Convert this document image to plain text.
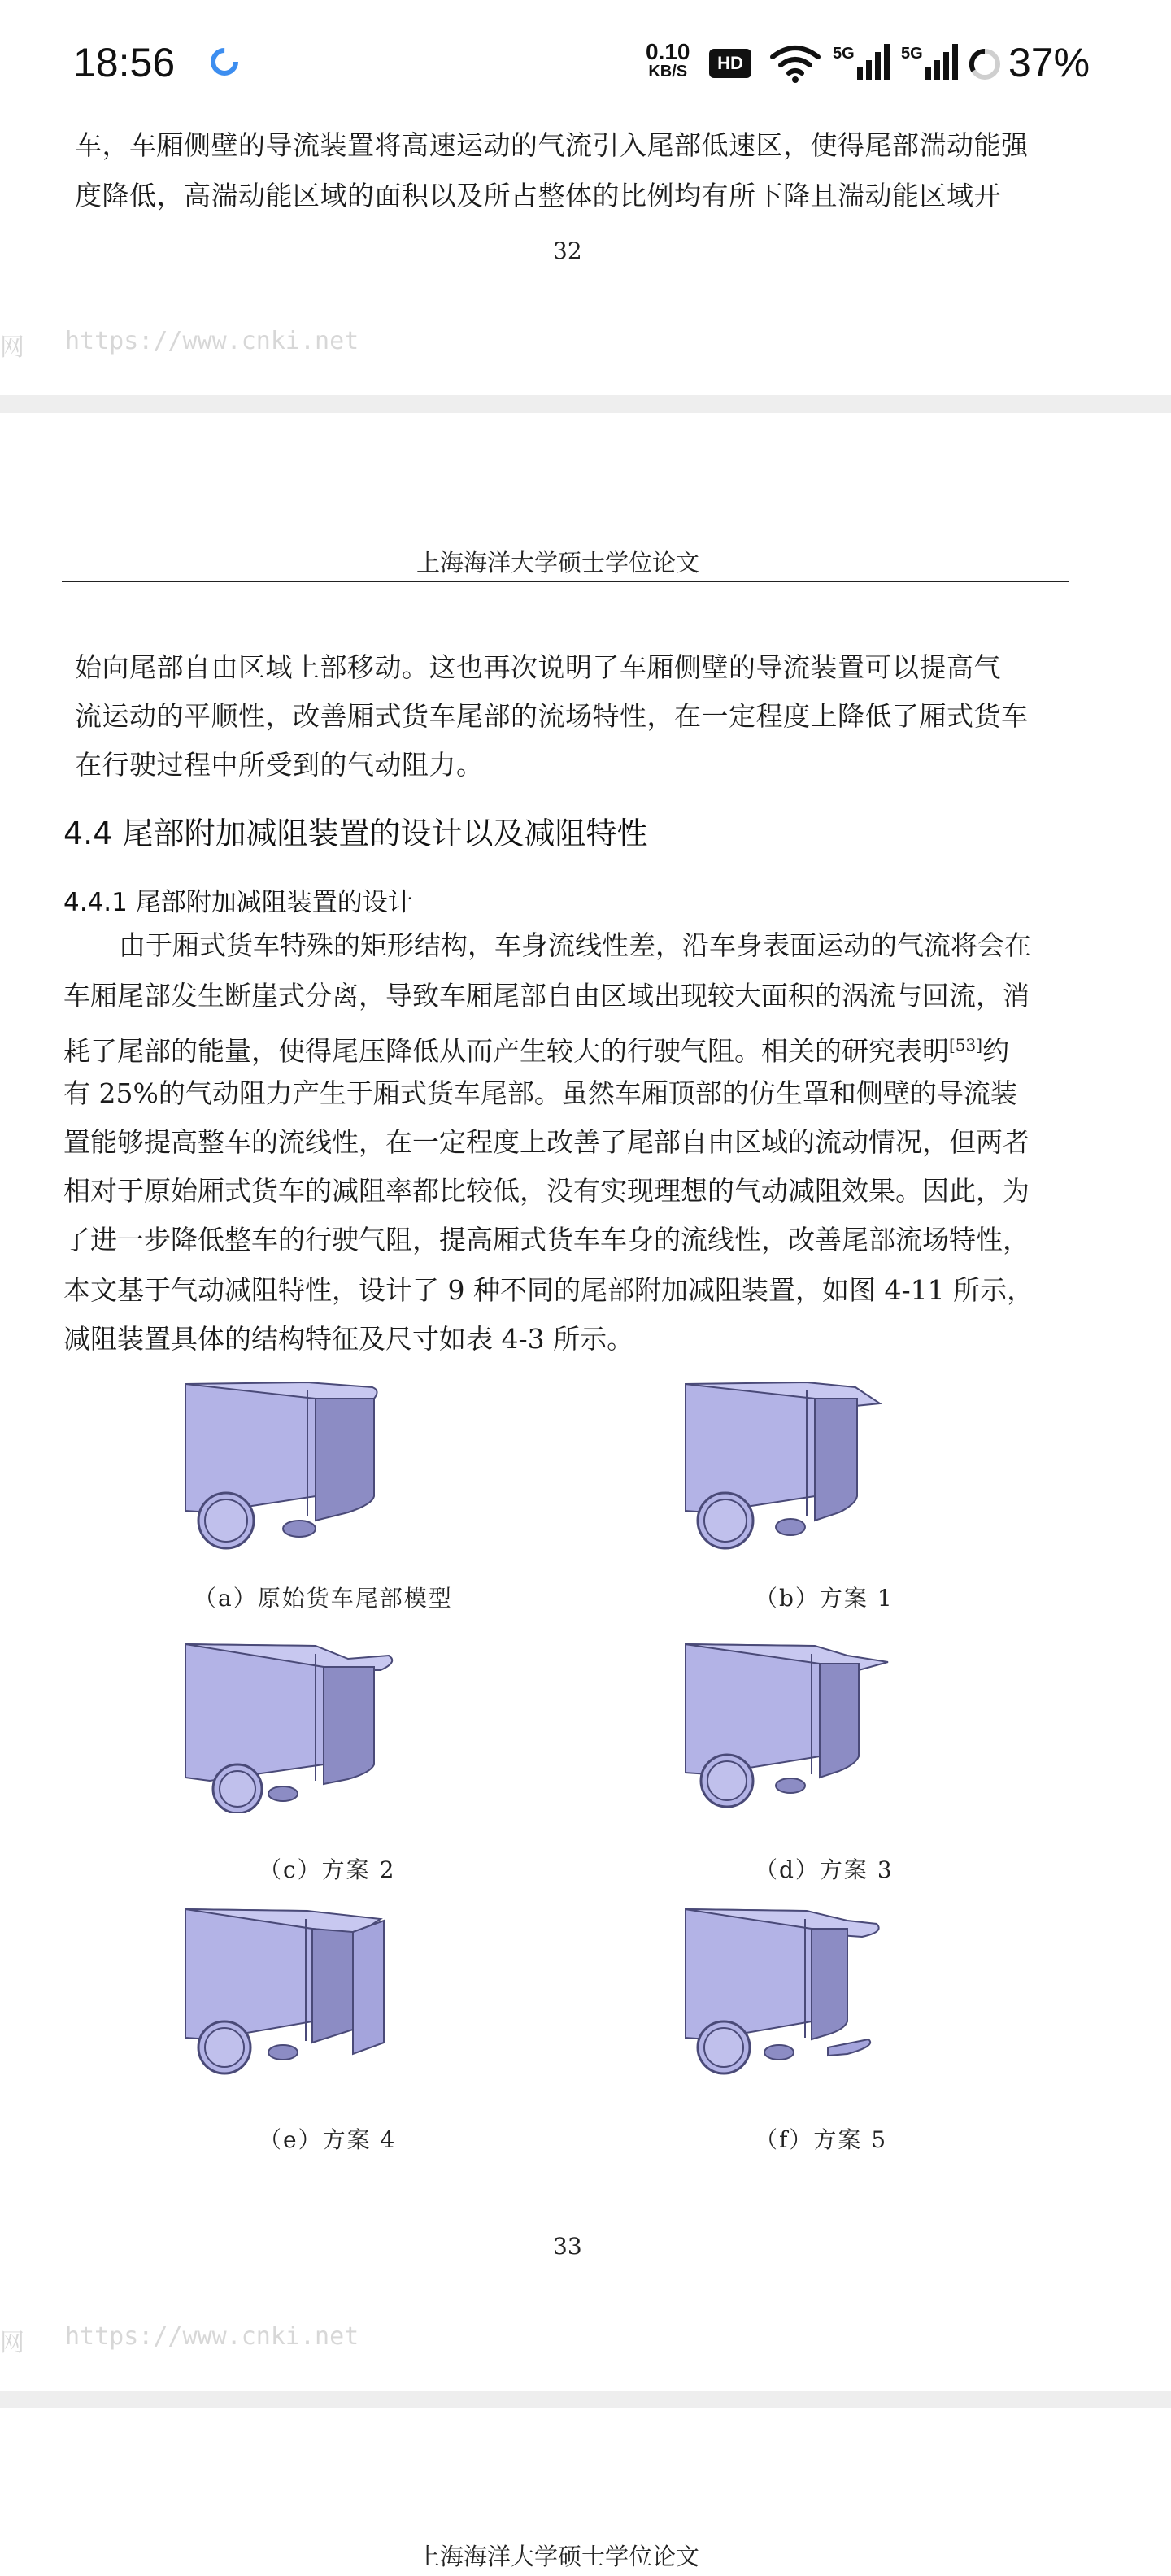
18:56	0.10
KB/S	HD	5G	5G 37%
车，车厢侧壁的导流装置将高速运动的气流引入尾部低速区，使得尾部湍动能强
度降低，高湍动能区域的面积以及所占整体的比例均有所下降且湍动能区域开
32
网 https://www.cnki.net
上海海洋大学硕士学位论文
始向尾部自由区域上部移动。这也再次说明了车厢侧壁的导流装置可以提高气
流运动的平顺性，改善厢式货车尾部的流场特性，在一定程度上降低了厢式货车
在行驶过程中所受到的气动阻力。
4.4 尾部附加减阻装置的设计以及减阻特性
4.4.1 尾部附加减阻装置的设计
由于厢式货车特殊的矩形结构，车身流线性差，沿车身表面运动的气流将会在
车厢尾部发生断崖式分离，导致车厢尾部自由区域出现较大面积的涡流与回流，消
耗了尾部的能量，使得尾压降低从而产生较大的行驶气阻。相关的研究表明[53]约
有 25%的气动阻力产生于厢式货车尾部。虽然车厢顶部的仿生罩和侧壁的导流装
置能够提高整车的流线性，在一定程度上改善了尾部自由区域的流动情况，但两者
相对于原始厢式货车的减阻率都比较低，没有实现理想的气动减阻效果。因此，为
了进一步降低整车的行驶气阻，提高厢式货车车身的流线性，改善尾部流场特性，
本文基于气动减阻特性，设计了 9 种不同的尾部附加减阻装置，如图 4-11 所示，
减阻装置具体的结构特征及尺寸如表 4-3 所示。
（a）原始货车尾部模型	（b）方案 1
（c）方案 2	（d）方案 3
（e）方案 4	（f）方案 5
33
网 https://www.cnki.net
上海海洋大学硕士学位论文
